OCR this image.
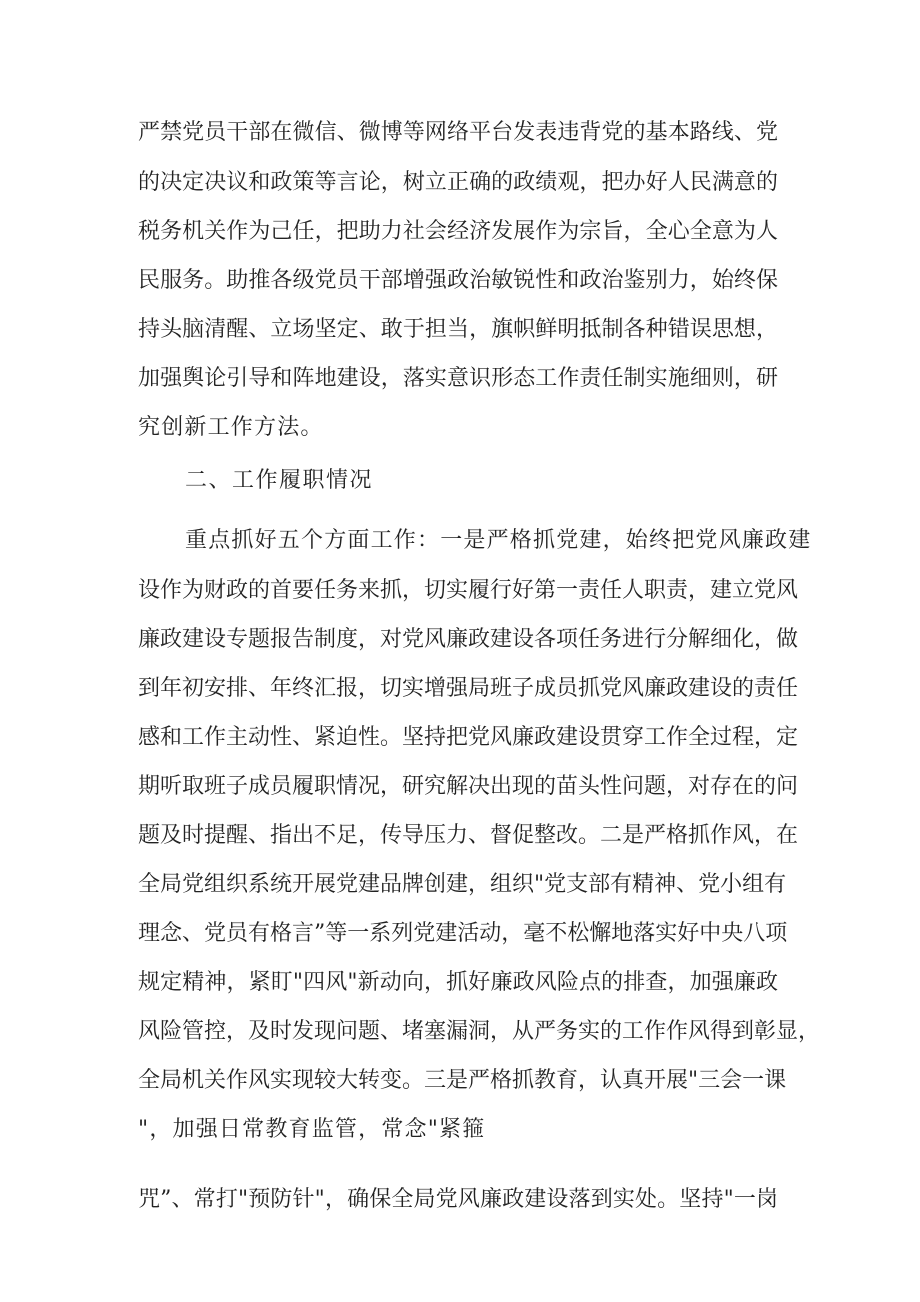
严禁党员干部在微信、微博等网络平台发表违背党的基本路线、党
的决定决议和政策等言论，树立正确的政绩观，把办好人民满意的
税务机关作为己任，把助力社会经济发展作为宗旨，全心全意为人
民服务。助推各级党员干部增强政治敏锐性和政治鉴别力，始终保
持头脑清醒、立场坚定、敢于担当，旗帜鲜明抵制各种错误思想，
加强舆论引导和阵地建设，落实意识形态工作责任制实施细则，研
究创新工作方法。
二、工作履职情况
重点抓好五个方面工作：一是严格抓党建，始终把党风廉政建
设作为财政的首要任务来抓，切实履行好第一责任人职责，建立党风
廉政建设专题报告制度，对党风廉政建设各项任务进行分解细化，做
到年初安排、年终汇报，切实增强局班子成员抓党风廉政建设的责任
感和工作主动性、紧迫性。坚持把党风廉政建设贯穿工作全过程，定
期听取班子成员履职情况，研究解决出现的苗头性问题，对存在的问
题及时提醒、指出不足，传导压力、督促整改。二是严格抓作风，在
全局党组织系统开展党建品牌创建，组织"党支部有精神、党小组有
理念、党员有格言”等一系列党建活动，毫不松懈地落实好中央八项
规定精神，紧盯"四风"新动向，抓好廉政风险点的排查，加强廉政
风险管控，及时发现问题、堵塞漏洞，从严务实的工作作风得到彰显，
全局机关作风实现较大转变。三是严格抓教育，认真开展"三会一课
"，加强日常教育监管，常念"紧箍
咒”、常打"预防针"，确保全局党风廉政建设落到实处。坚持"一岗
